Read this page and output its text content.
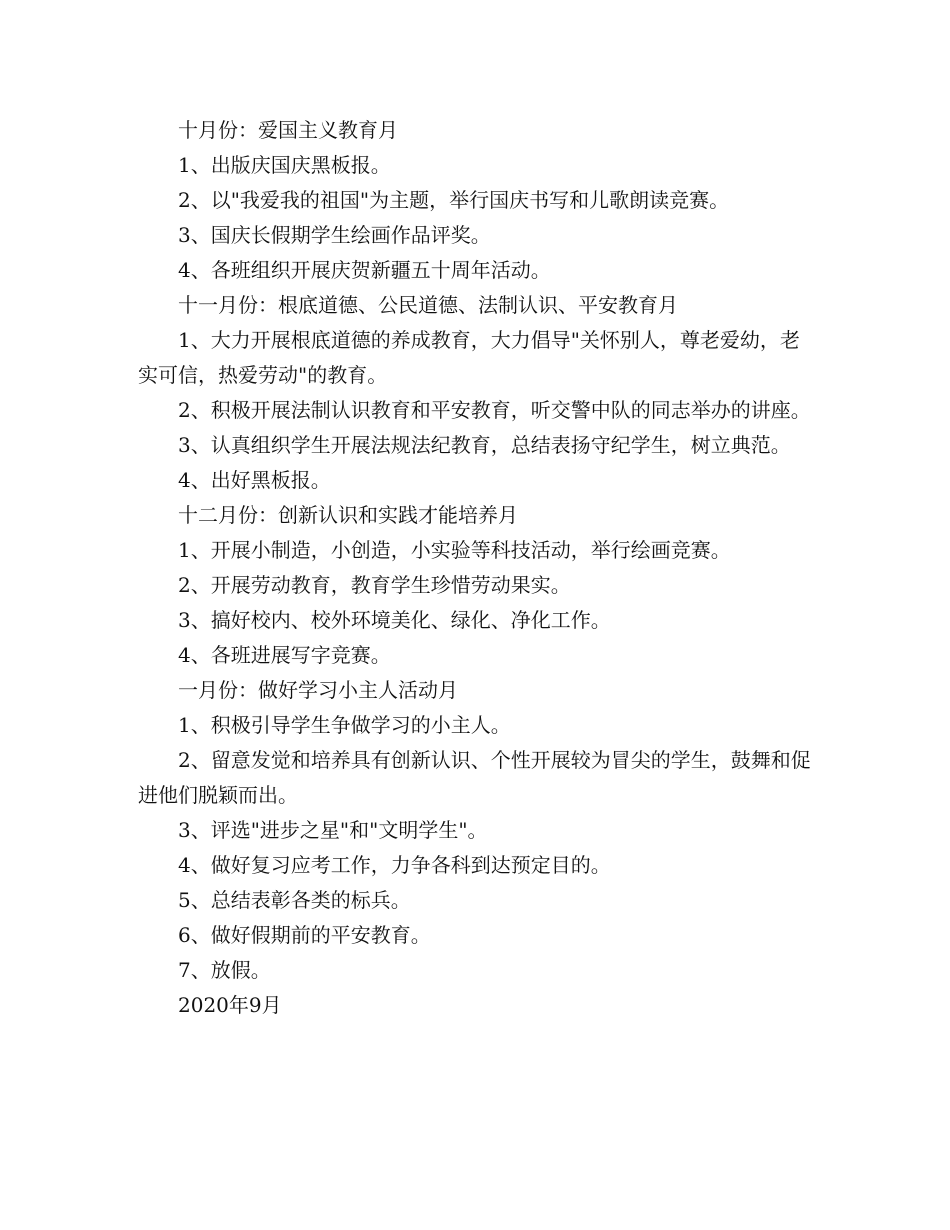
十月份：爱国主义教育月

1、出版庆国庆黑板报。

2、以"我爱我的祖国"为主题，举行国庆书写和儿歌朗读竞赛。

3、国庆长假期学生绘画作品评奖。

4、各班组织开展庆贺新疆五十周年活动。

十一月份：根底道德、公民道德、法制认识、平安教育月

1、大力开展根底道德的养成教育，大力倡导"关怀别人，尊老爱幼，老实可信，热爱劳动"的教育。

2、积极开展法制认识教育和平安教育，听交警中队的同志举办的讲座。

3、认真组织学生开展法规法纪教育，总结表扬守纪学生，树立典范。

4、出好黑板报。

十二月份：创新认识和实践才能培养月

1、开展小制造，小创造，小实验等科技活动，举行绘画竞赛。

2、开展劳动教育，教育学生珍惜劳动果实。

3、搞好校内、校外环境美化、绿化、净化工作。

4、各班进展写字竞赛。

一月份：做好学习小主人活动月

1、积极引导学生争做学习的小主人。

2、留意发觉和培养具有创新认识、个性开展较为冒尖的学生，鼓舞和促进他们脱颖而出。

3、评选"进步之星"和"文明学生"。

4、做好复习应考工作，力争各科到达预定目的。

5、总结表彰各类的标兵。

6、做好假期前的平安教育。

7、放假。

2020年9月
